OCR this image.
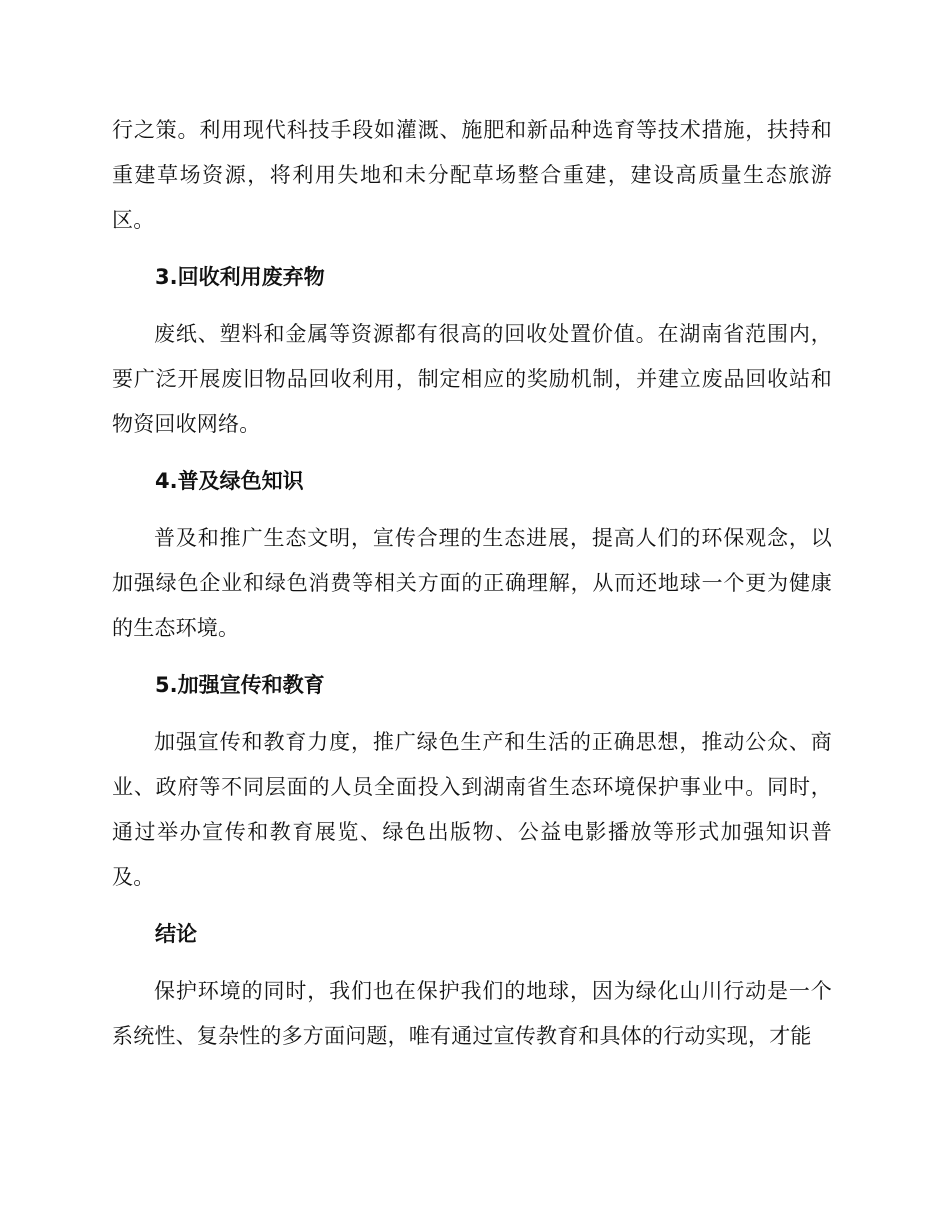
行之策。利用现代科技手段如灌溉、施肥和新品种选育等技术措施，扶持和重建草场资源，将利用失地和未分配草场整合重建，建设高质量生态旅游区。

3.回收利用废弃物

废纸、塑料和金属等资源都有很高的回收处置价值。在湖南省范围内，要广泛开展废旧物品回收利用，制定相应的奖励机制，并建立废品回收站和物资回收网络。

4.普及绿色知识

普及和推广生态文明，宣传合理的生态进展，提高人们的环保观念，以加强绿色企业和绿色消费等相关方面的正确理解，从而还地球一个更为健康的生态环境。

5.加强宣传和教育

加强宣传和教育力度，推广绿色生产和生活的正确思想，推动公众、商业、政府等不同层面的人员全面投入到湖南省生态环境保护事业中。同时，通过举办宣传和教育展览、绿色出版物、公益电影播放等形式加强知识普及。

结论

保护环境的同时，我们也在保护我们的地球，因为绿化山川行动是一个系统性、复杂性的多方面问题，唯有通过宣传教育和具体的行动实现，才能
